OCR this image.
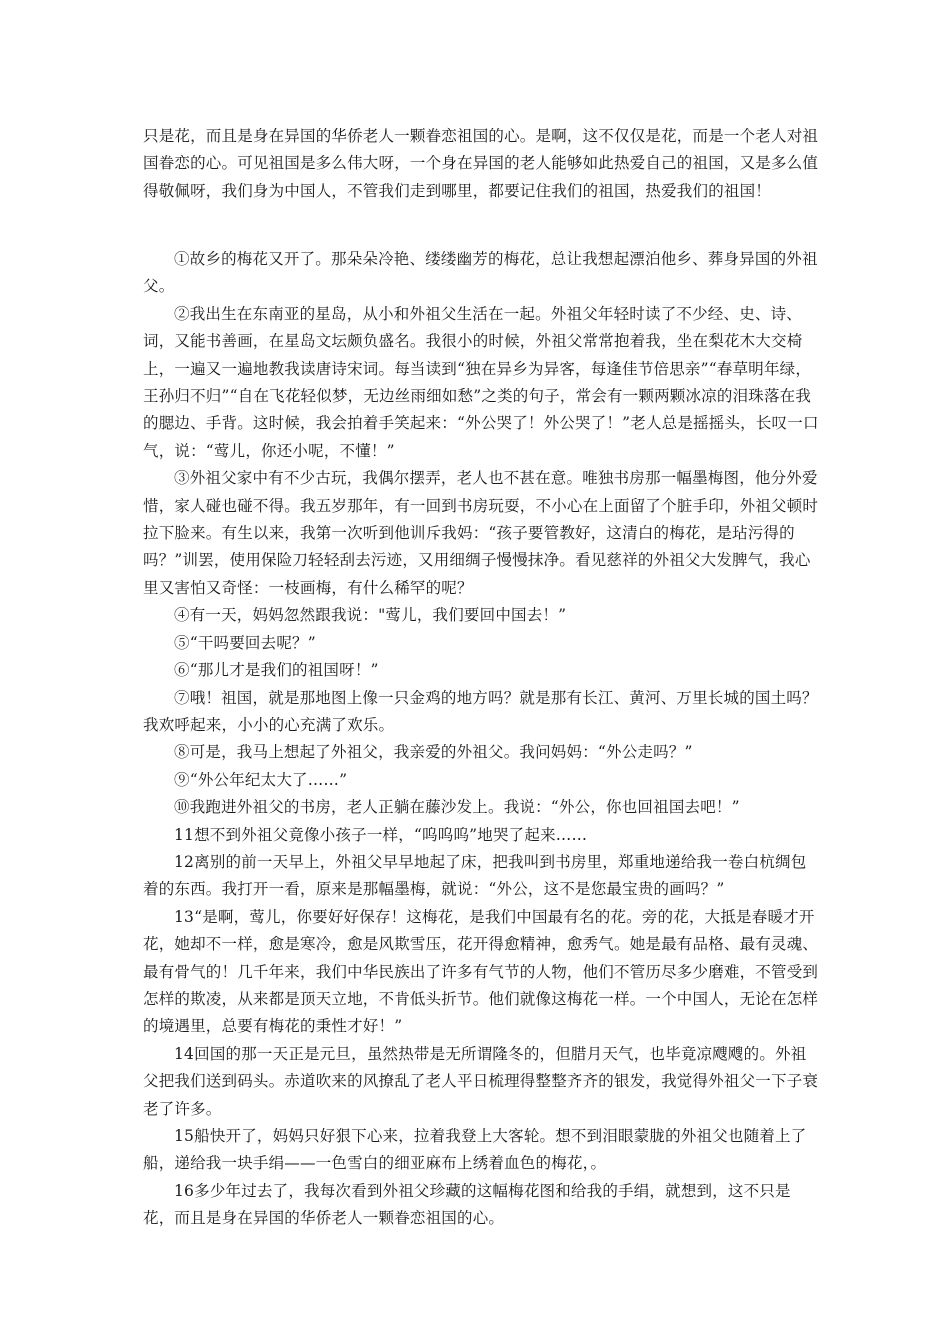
只是花，而且是身在异国的华侨老人一颗眷恋祖国的心。是啊，这不仅仅是花，而是一个老人对祖国眷恋的心。可见祖国是多么伟大呀，一个身在异国的老人能够如此热爱自己的祖国，又是多么值得敬佩呀，我们身为中国人，不管我们走到哪里，都要记住我们的祖国，热爱我们的祖国！

①故乡的梅花又开了。那朵朵冷艳、缕缕幽芳的梅花，总让我想起漂泊他乡、葬身异国的外祖父。

②我出生在东南亚的星岛，从小和外祖父生活在一起。外祖父年轻时读了不少经、史、诗、词，又能书善画，在星岛文坛颇负盛名。我很小的时候，外祖父常常抱着我，坐在梨花木大交椅上，一遍又一遍地教我读唐诗宋词。每当读到“独在异乡为异客，每逢佳节倍思亲”“春草明年绿，王孙归不归”“自在飞花轻似梦，无边丝雨细如愁”之类的句子，常会有一颗两颗冰凉的泪珠落在我的腮边、手背。这时候，我会拍着手笑起来：“外公哭了！外公哭了！”老人总是摇摇头，长叹一口气，说：“莺儿，你还小呢，不懂！”

③外祖父家中有不少古玩，我偶尔摆弄，老人也不甚在意。唯独书房那一幅墨梅图，他分外爱惜，家人碰也碰不得。我五岁那年，有一回到书房玩耍，不小心在上面留了个脏手印，外祖父顿时拉下脸来。有生以来，我第一次听到他训斥我妈：“孩子要管教好，这清白的梅花，是玷污得的吗？”训罢，使用保险刀轻轻刮去污迹，又用细绸子慢慢抹净。看见慈祥的外祖父大发脾气，我心里又害怕又奇怪：一枝画梅，有什么稀罕的呢？

④有一天，妈妈忽然跟我说："莺儿，我们要回中国去！”

⑤“干吗要回去呢？”

⑥“那儿才是我们的祖国呀！”

⑦哦！祖国，就是那地图上像一只金鸡的地方吗？就是那有长江、黄河、万里长城的国土吗？我欢呼起来，小小的心充满了欢乐。

⑧可是，我马上想起了外祖父，我亲爱的外祖父。我问妈妈：“外公走吗？”

⑨“外公年纪太大了……”

⑩我跑进外祖父的书房，老人正躺在藤沙发上。我说：“外公，你也回祖国去吧！”

11想不到外祖父竟像小孩子一样，“呜呜呜”地哭了起来……

12离别的前一天早上，外祖父早早地起了床，把我叫到书房里，郑重地递给我一卷白杭绸包着的东西。我打开一看，原来是那幅墨梅，就说：“外公，这不是您最宝贵的画吗？”

13“是啊，莺儿，你要好好保存！这梅花，是我们中国最有名的花。旁的花，大抵是春暖才开花，她却不一样，愈是寒冷，愈是风欺雪压，花开得愈精神，愈秀气。她是最有品格、最有灵魂、最有骨气的！几千年来，我们中华民族出了许多有气节的人物，他们不管历尽多少磨难，不管受到怎样的欺凌，从来都是顶天立地，不肯低头折节。他们就像这梅花一样。一个中国人，无论在怎样的境遇里，总要有梅花的秉性才好！”

14回国的那一天正是元旦，虽然热带是无所谓隆冬的，但腊月天气，也毕竟凉飕飕的。外祖父把我们送到码头。赤道吹来的风撩乱了老人平日梳理得整整齐齐的银发，我觉得外祖父一下子衰老了许多。

15船快开了，妈妈只好狠下心来，拉着我登上大客轮。想不到泪眼蒙胧的外祖父也随着上了船，递给我一块手绢——一色雪白的细亚麻布上绣着血色的梅花，。

16多少年过去了，我每次看到外祖父珍藏的这幅梅花图和给我的手绢，就想到，这不只是花，而且是身在异国的华侨老人一颗眷恋祖国的心。
